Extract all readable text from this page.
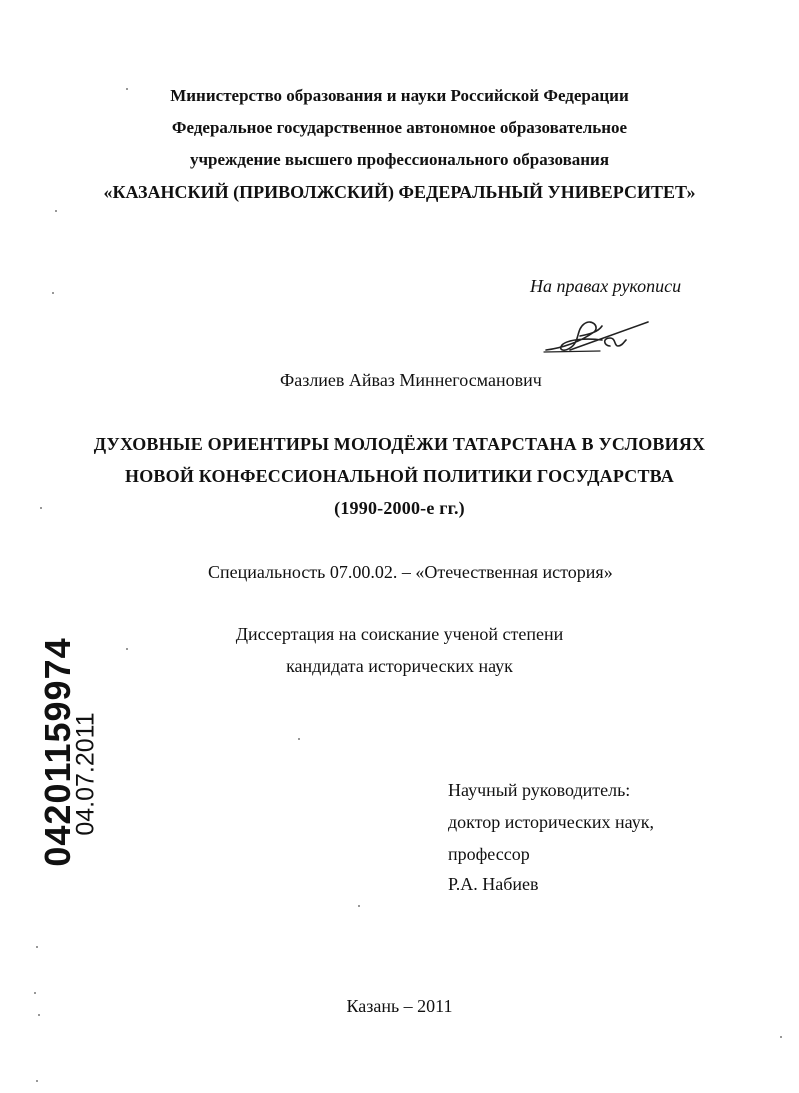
Министерство образования и науки Российской Федерации
Федеральное государственное автономное образовательное
учреждение высшего профессионального образования
«КАЗАНСКИЙ (ПРИВОЛЖСКИЙ) ФЕДЕРАЛЬНЫЙ УНИВЕРСИТЕТ»
На правах рукописи
Фазлиев Айваз Миннегосманович
ДУХОВНЫЕ ОРИЕНТИРЫ МОЛОДЁЖИ ТАТАРСТАНА В УСЛОВИЯХ
НОВОЙ КОНФЕССИОНАЛЬНОЙ ПОЛИТИКИ ГОСУДАРСТВА
(1990-2000-е гг.)
Специальность 07.00.02. – «Отечественная история»
Диссертация на соискание ученой степени
кандидата исторических наук
Научный руководитель:
доктор исторических наук,
профессор
Р.А. Набиев
Казань – 2011
04201159974
04.07.2011
